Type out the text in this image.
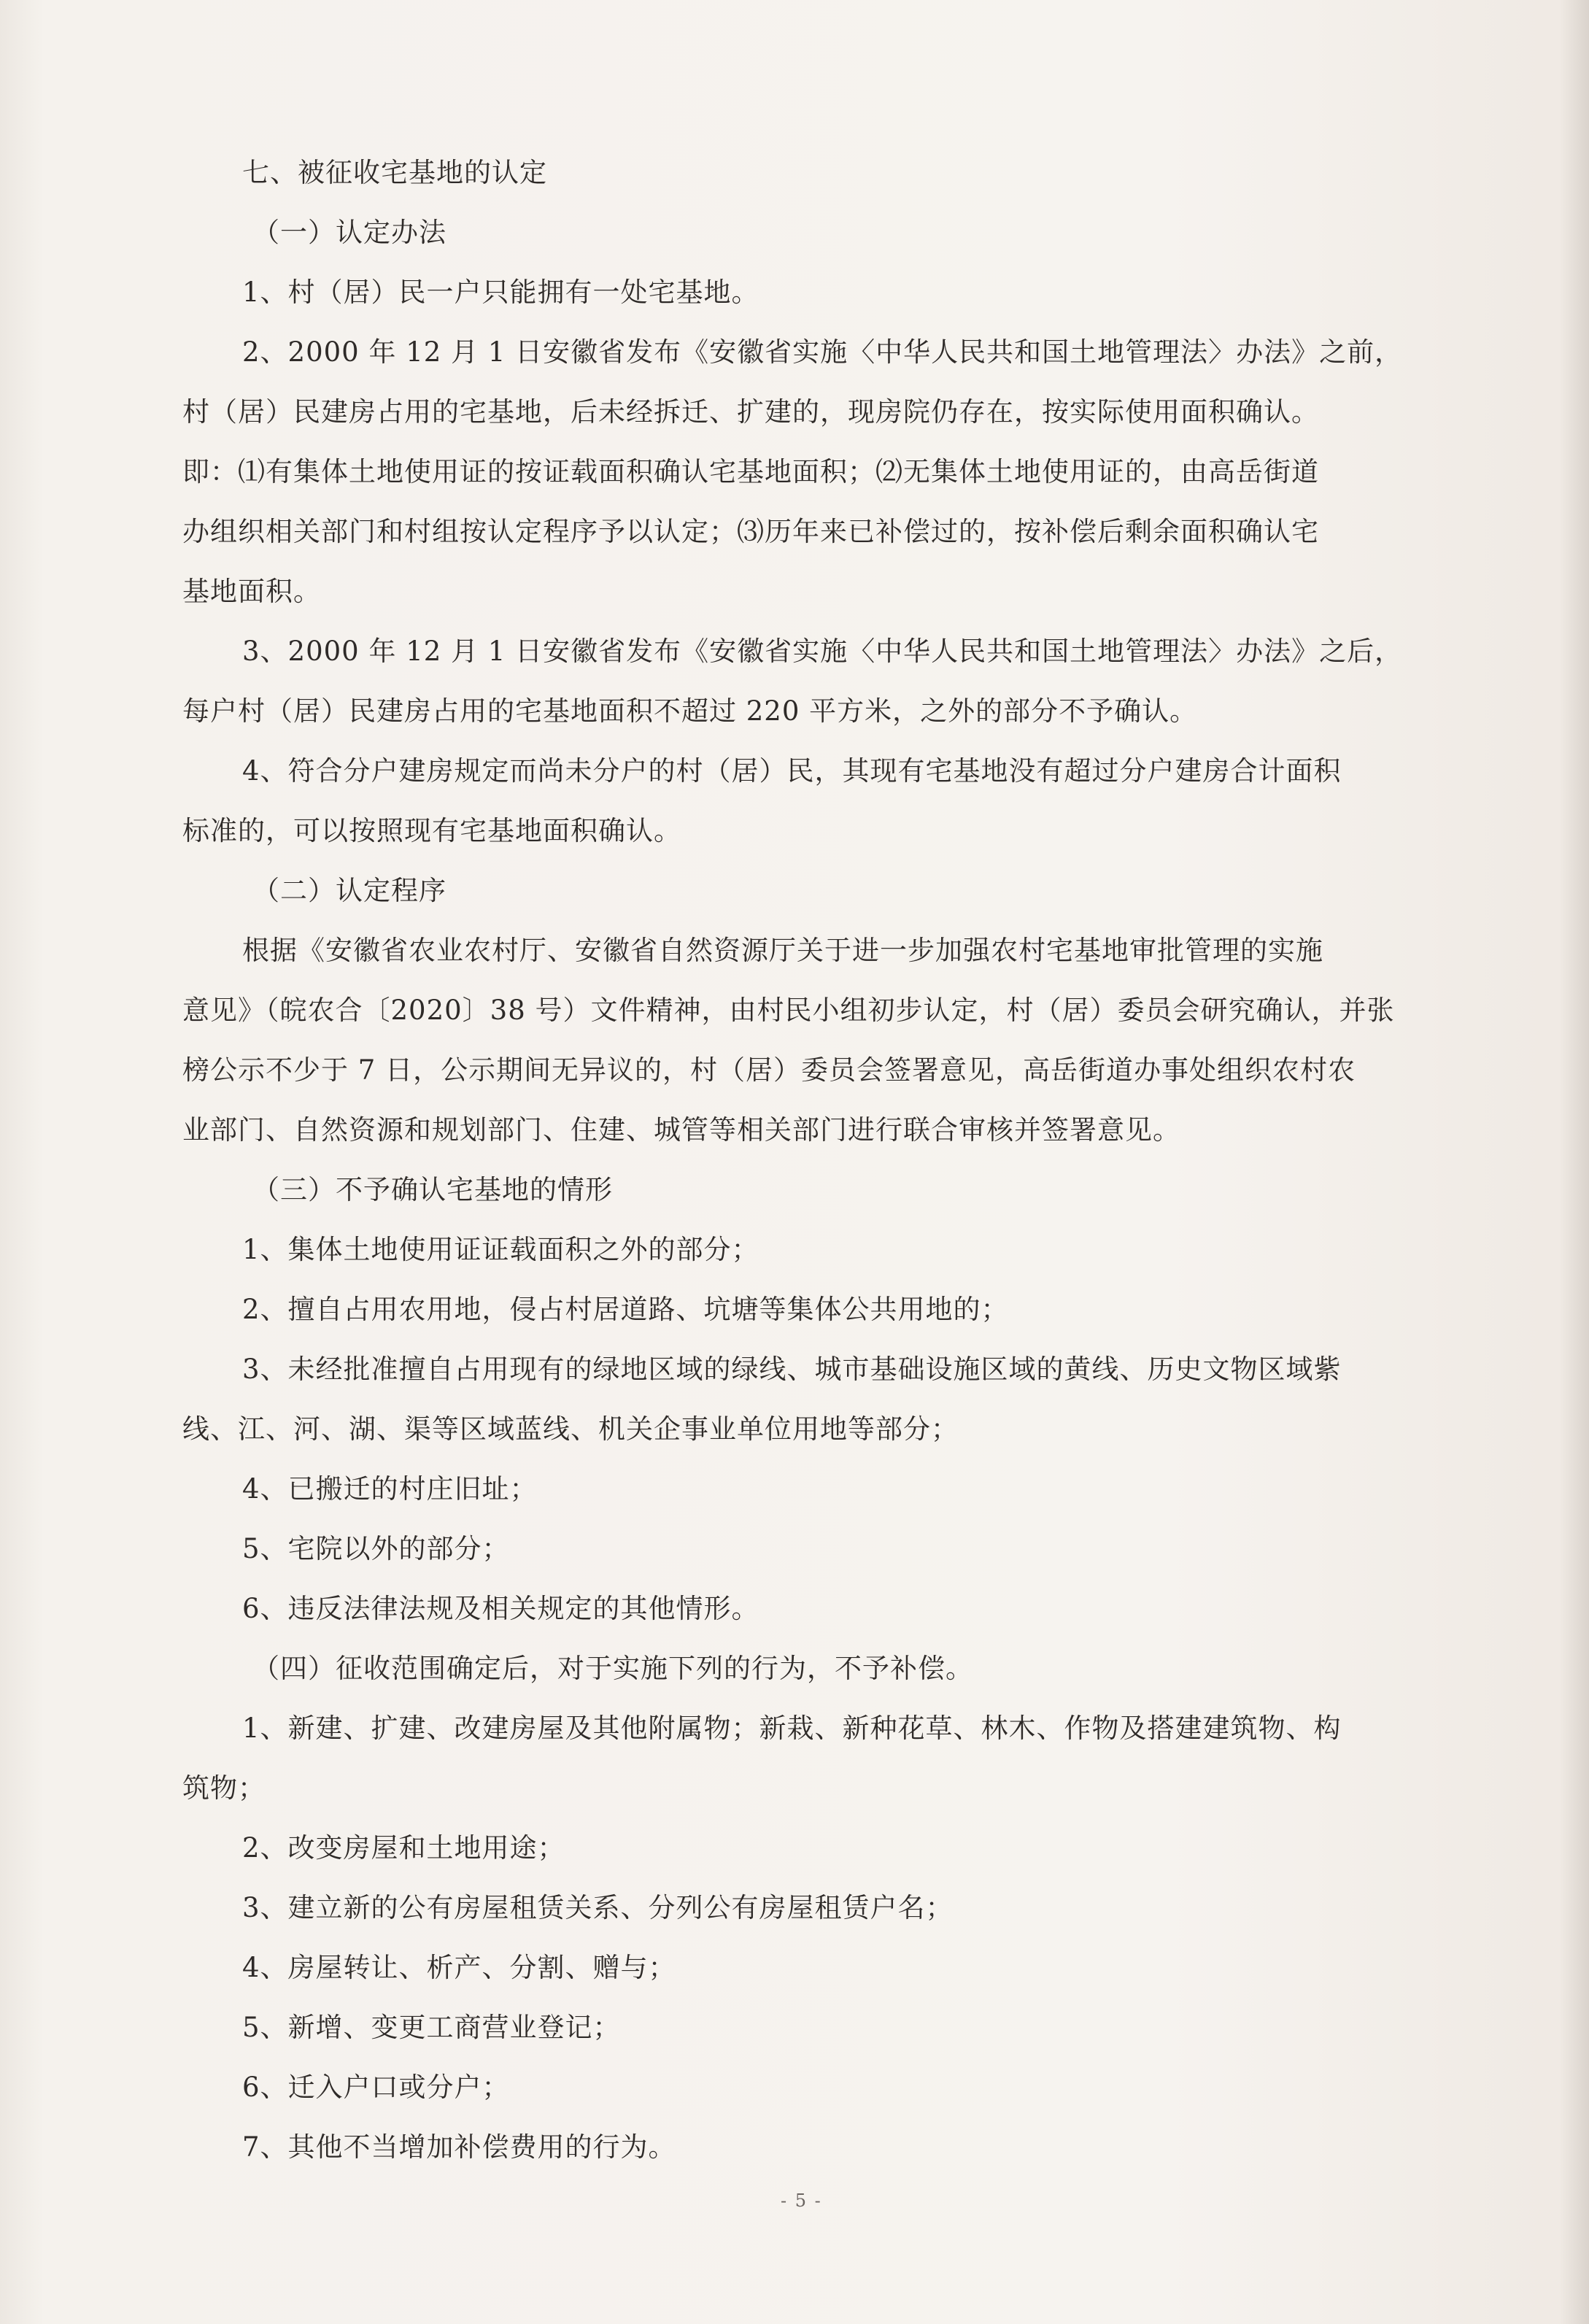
七、被征收宅基地的认定
（一）认定办法
1、村（居）民一户只能拥有一处宅基地。
2、2000 年 12 月 1 日安徽省发布《安徽省实施〈中华人民共和国土地管理法〉办法》之前，
村（居）民建房占用的宅基地，后未经拆迁、扩建的，现房院仍存在，按实际使用面积确认。
即：⑴有集体土地使用证的按证载面积确认宅基地面积；⑵无集体土地使用证的，由高岳街道
办组织相关部门和村组按认定程序予以认定；⑶历年来已补偿过的，按补偿后剩余面积确认宅
基地面积。
3、2000 年 12 月 1 日安徽省发布《安徽省实施〈中华人民共和国土地管理法〉办法》之后，
每户村（居）民建房占用的宅基地面积不超过 220 平方米，之外的部分不予确认。
4、符合分户建房规定而尚未分户的村（居）民，其现有宅基地没有超过分户建房合计面积
标准的，可以按照现有宅基地面积确认。
（二）认定程序
根据《安徽省农业农村厅、安徽省自然资源厅关于进一步加强农村宅基地审批管理的实施
意见》（皖农合〔2020〕38 号）文件精神，由村民小组初步认定，村（居）委员会研究确认，并张
榜公示不少于 7 日，公示期间无异议的，村（居）委员会签署意见，高岳街道办事处组织农村农
业部门、自然资源和规划部门、住建、城管等相关部门进行联合审核并签署意见。
（三）不予确认宅基地的情形
1、集体土地使用证证载面积之外的部分；
2、擅自占用农用地，侵占村居道路、坑塘等集体公共用地的；
3、未经批准擅自占用现有的绿地区域的绿线、城市基础设施区域的黄线、历史文物区域紫
线、江、河、湖、渠等区域蓝线、机关企事业单位用地等部分；
4、已搬迁的村庄旧址；
5、宅院以外的部分；
6、违反法律法规及相关规定的其他情形。
（四）征收范围确定后，对于实施下列的行为，不予补偿。
1、新建、扩建、改建房屋及其他附属物；新栽、新种花草、林木、作物及搭建建筑物、构
筑物；
2、改变房屋和土地用途；
3、建立新的公有房屋租赁关系、分列公有房屋租赁户名；
4、房屋转让、析产、分割、赠与；
5、新增、变更工商营业登记；
6、迁入户口或分户；
7、其他不当增加补偿费用的行为。
- 5 -
